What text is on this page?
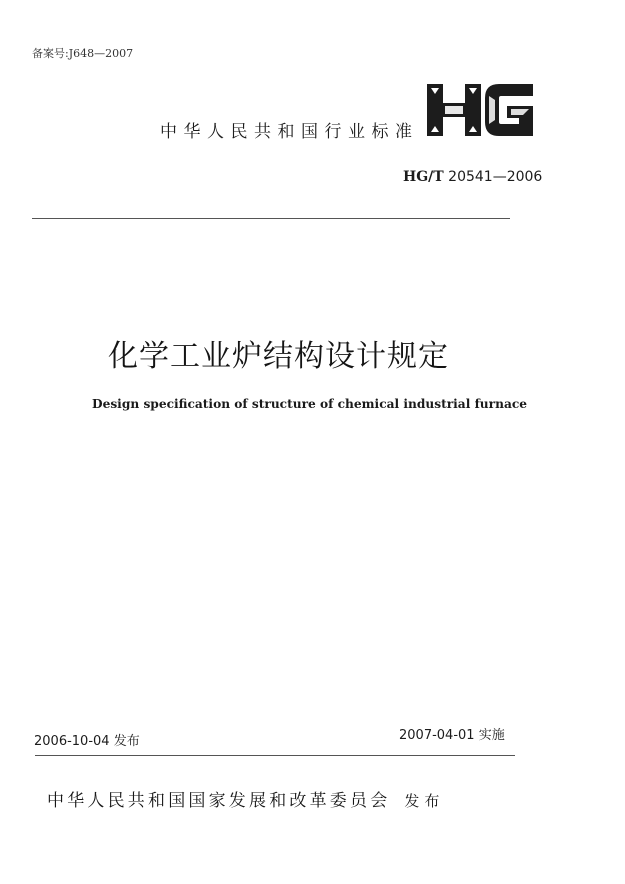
备案号:J648—2007
中华人民共和国行业标准
HG/T 20541—2006
化学工业炉结构设计规定
Design specification of structure of chemical industrial furnace
2006-10-04 发布	2007-04-01 实施
中华人民共和国国家发展和改革委员会 发布
